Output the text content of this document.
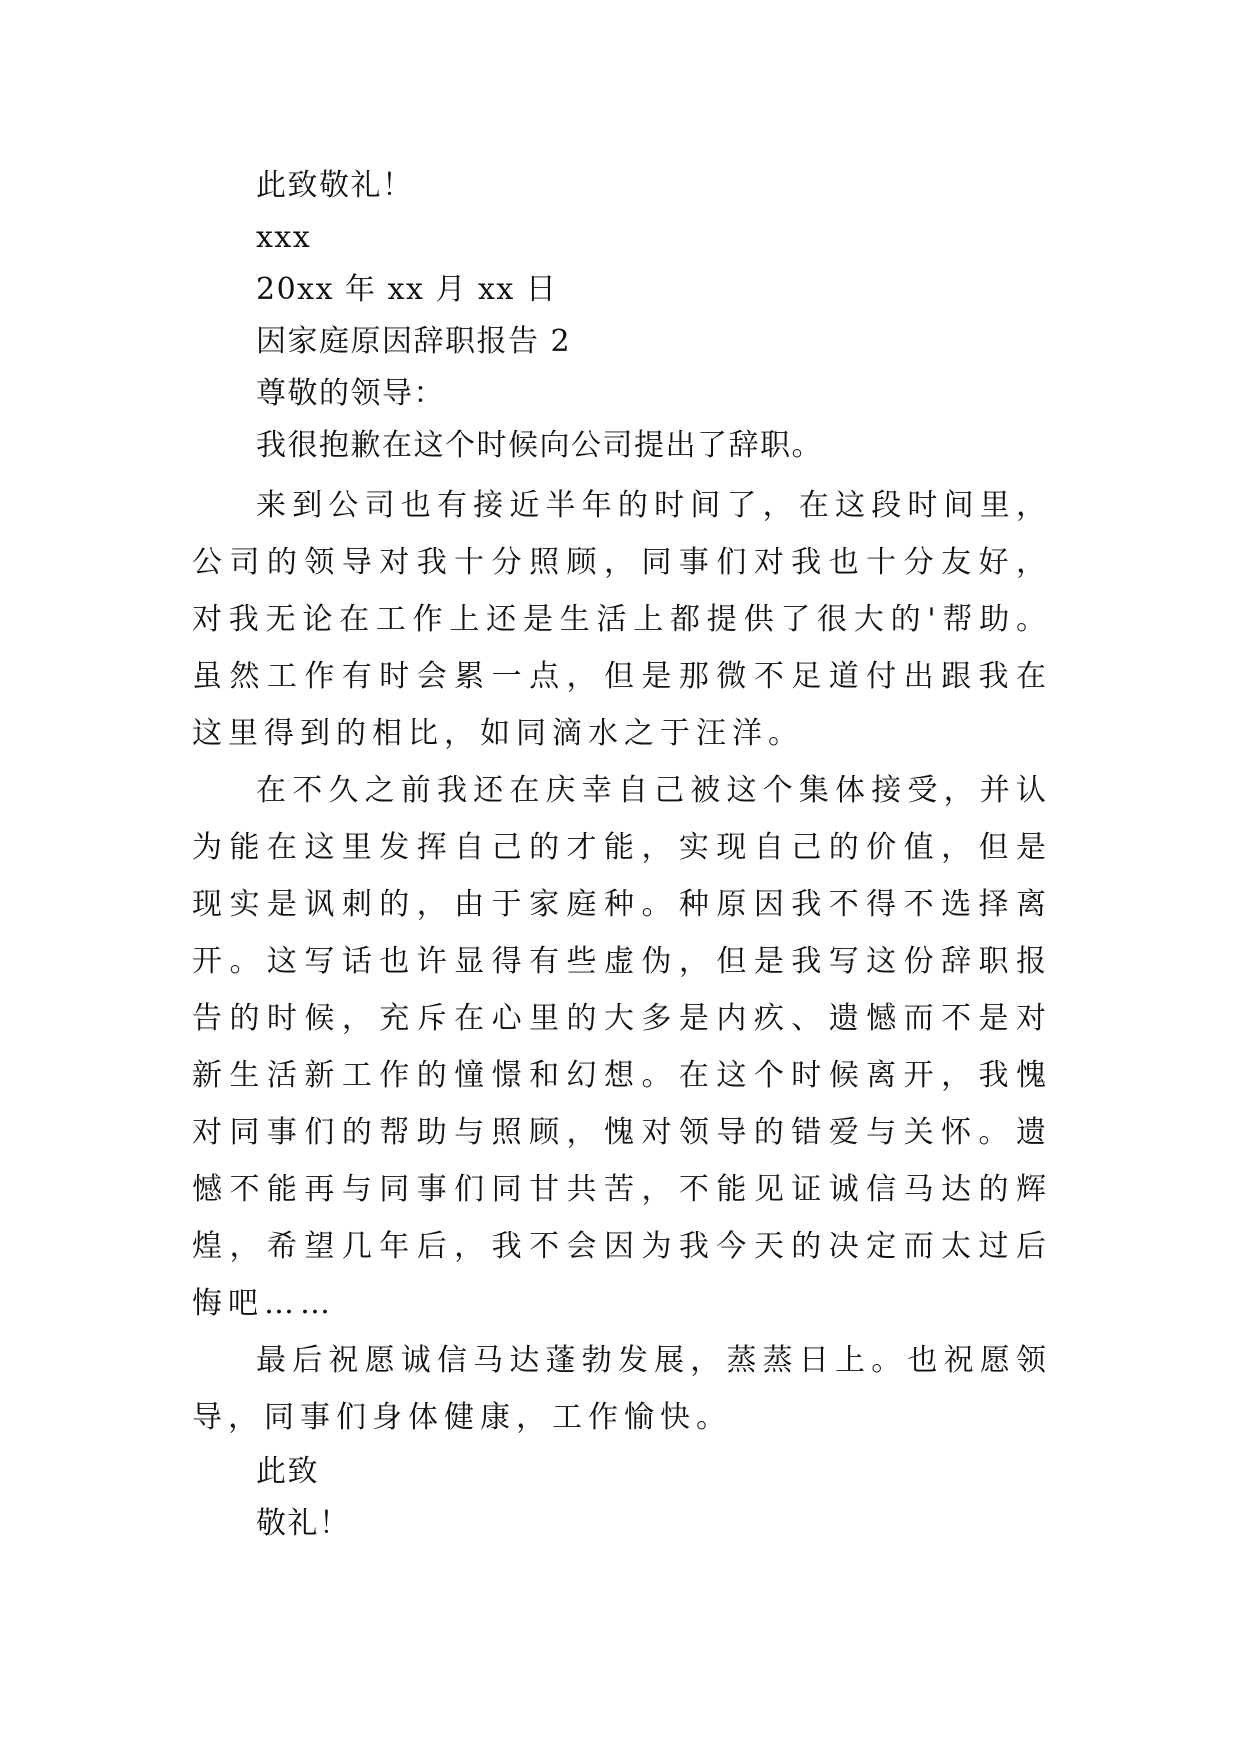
此致敬礼！

xxx

20xx 年 xx 月 xx 日

因家庭原因辞职报告 2

尊敬的领导：

我很抱歉在这个时候向公司提出了辞职。

来到公司也有接近半年的时间了，在这段时间里，公司的领导对我十分照顾，同事们对我也十分友好，对我无论在工作上还是生活上都提供了很大的'帮助。虽然工作有时会累一点，但是那微不足道付出跟我在这里得到的相比，如同滴水之于汪洋。

在不久之前我还在庆幸自己被这个集体接受，并认为能在这里发挥自己的才能，实现自己的价值，但是现实是讽刺的，由于家庭种。种原因我不得不选择离开。这写话也许显得有些虚伪，但是我写这份辞职报告的时候，充斥在心里的大多是内疚、遗憾而不是对新生活新工作的憧憬和幻想。在这个时候离开，我愧对同事们的帮助与照顾，愧对领导的错爱与关怀。遗憾不能再与同事们同甘共苦，不能见证诚信马达的辉煌，希望几年后，我不会因为我今天的决定而太过后悔吧……

最后祝愿诚信马达蓬勃发展，蒸蒸日上。也祝愿领导，同事们身体健康，工作愉快。

此致

敬礼！
